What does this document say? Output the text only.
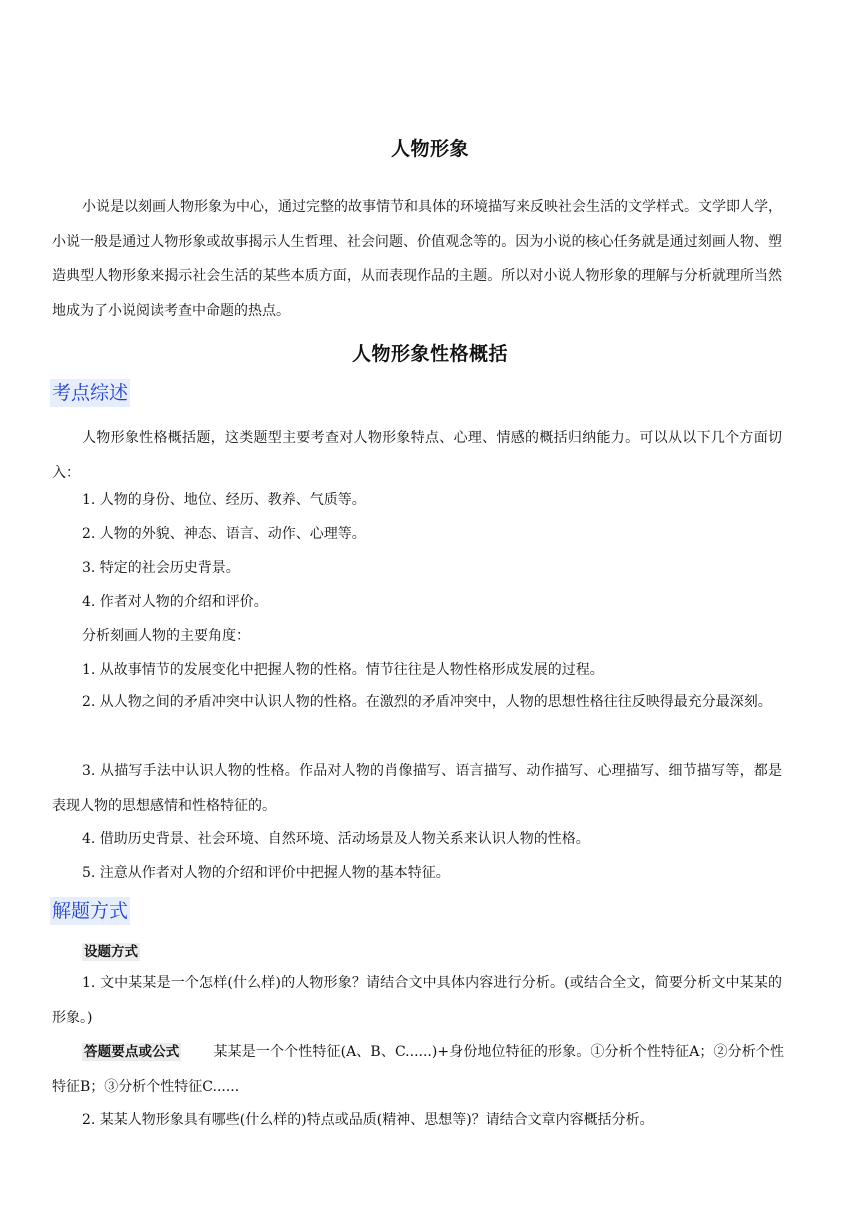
人物形象
小说是以刻画人物形象为中心，通过完整的故事情节和具体的环境描写来反映社会生活的文学样式。文学即人学，小说一般是通过人物形象或故事揭示人生哲理、社会问题、价值观念等的。因为小说的核心任务就是通过刻画人物、塑造典型人物形象来揭示社会生活的某些本质方面，从而表现作品的主题。所以对小说人物形象的理解与分析就理所当然地成为了小说阅读考查中命题的热点。
人物形象性格概括
考点综述
人物形象性格概括题，这类题型主要考查对人物形象特点、心理、情感的概括归纳能力。可以从以下几个方面切入：
1. 人物的身份、地位、经历、教养、气质等。
2. 人物的外貌、神态、语言、动作、心理等。
3. 特定的社会历史背景。
4. 作者对人物的介绍和评价。
分析刻画人物的主要角度：
1. 从故事情节的发展变化中把握人物的性格。情节往往是人物性格形成发展的过程。
2. 从人物之间的矛盾冲突中认识人物的性格。在激烈的矛盾冲突中，人物的思想性格往往反映得最充分最深刻。
3. 从描写手法中认识人物的性格。作品对人物的肖像描写、语言描写、动作描写、心理描写、细节描写等，都是表现人物的思想感情和性格特征的。
4. 借助历史背景、社会环境、自然环境、活动场景及人物关系来认识人物的性格。
5. 注意从作者对人物的介绍和评价中把握人物的基本特征。
解题方式
设题方式
1. 文中某某是一个怎样(什么样)的人物形象？请结合文中具体内容进行分析。(或结合全文，简要分析文中某某的形象。)
答题要点或公式 某某是一个个性特征(A、B、C......)+身份地位特征的形象。①分析个性特征A；②分析个性特征B；③分析个性特征C......
2. 某某人物形象具有哪些(什么样的)特点或品质(精神、思想等)？请结合文章内容概括分析。
